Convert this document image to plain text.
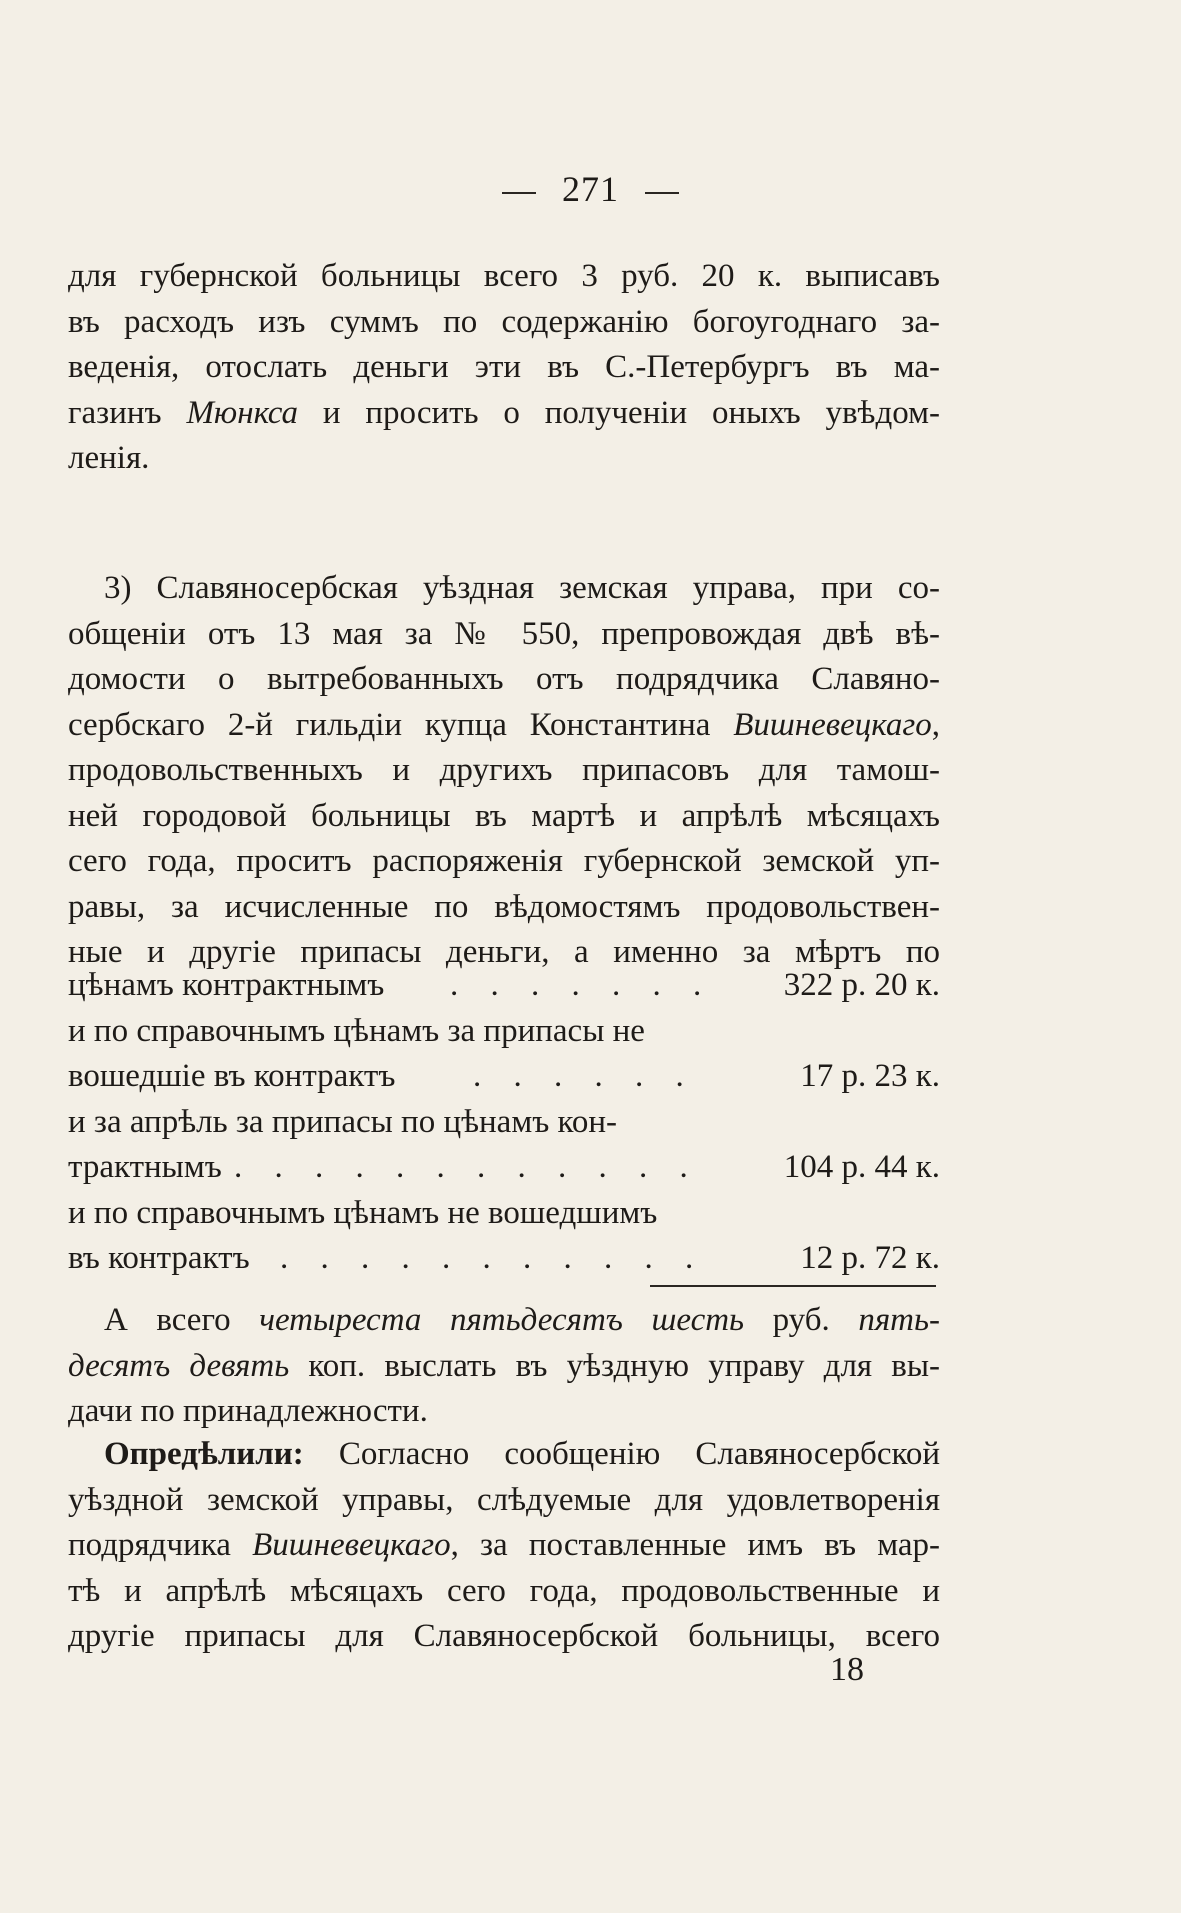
271
для губернской больницы всего 3 руб. 20 к. выписавъ
въ расходъ изъ суммъ по содержанію богоугоднаго за-
веденія, отослать деньги эти въ С.-Петербургъ въ ма-
газинъ Мюнкса и просить о полученіи оныхъ увѣдом-
ленія.
3) Славяносербская уѣздная земская управа, при со-
общеніи отъ 13 мая за № 550, препровождая двѣ вѣ-
домости о вытребованныхъ отъ подрядчика Славяно-
сербскаго 2-й гильдіи купца Константина Вишневецкаго,
продовольственныхъ и другихъ припасовъ для тамош-
ней городовой больницы въ мартѣ и апрѣлѣ мѣсяцахъ
сего года, проситъ распоряженія губернской земской уп-
равы, за исчисленные по вѣдомостямъ продовольствен-
ные и другіе припасы деньги, а именно за мѣртъ по
цѣнамъ контрактнымъ . . . . . . . 322 р. 20 к.
и по справочнымъ цѣнамъ за припасы не
вошедшіе въ контрактъ . . . . . .	17 р. 23 к.
и за апрѣль за припасы по цѣнамъ кон-
трактнымъ . . . . . . . . . . . .	104 р. 44 к.
и по справочнымъ цѣнамъ не вошедшимъ
въ контрактъ . . . . . . . . . . .	12 р. 72 к.
А всего четыреста пятьдесятъ шесть руб. пять-
десятъ девять коп. выслать въ уѣздную управу для вы-
дачи по принадлежности.
Опредѣлили: Согласно сообщенію Славяносербской
уѣздной земской управы, слѣдуемые для удовлетворенія
подрядчика Вишневецкаго, за поставленные имъ въ мар-
тѣ и апрѣлѣ мѣсяцахъ сего года, продовольственные и
другіе припасы для Славяносербской больницы, всего
18
